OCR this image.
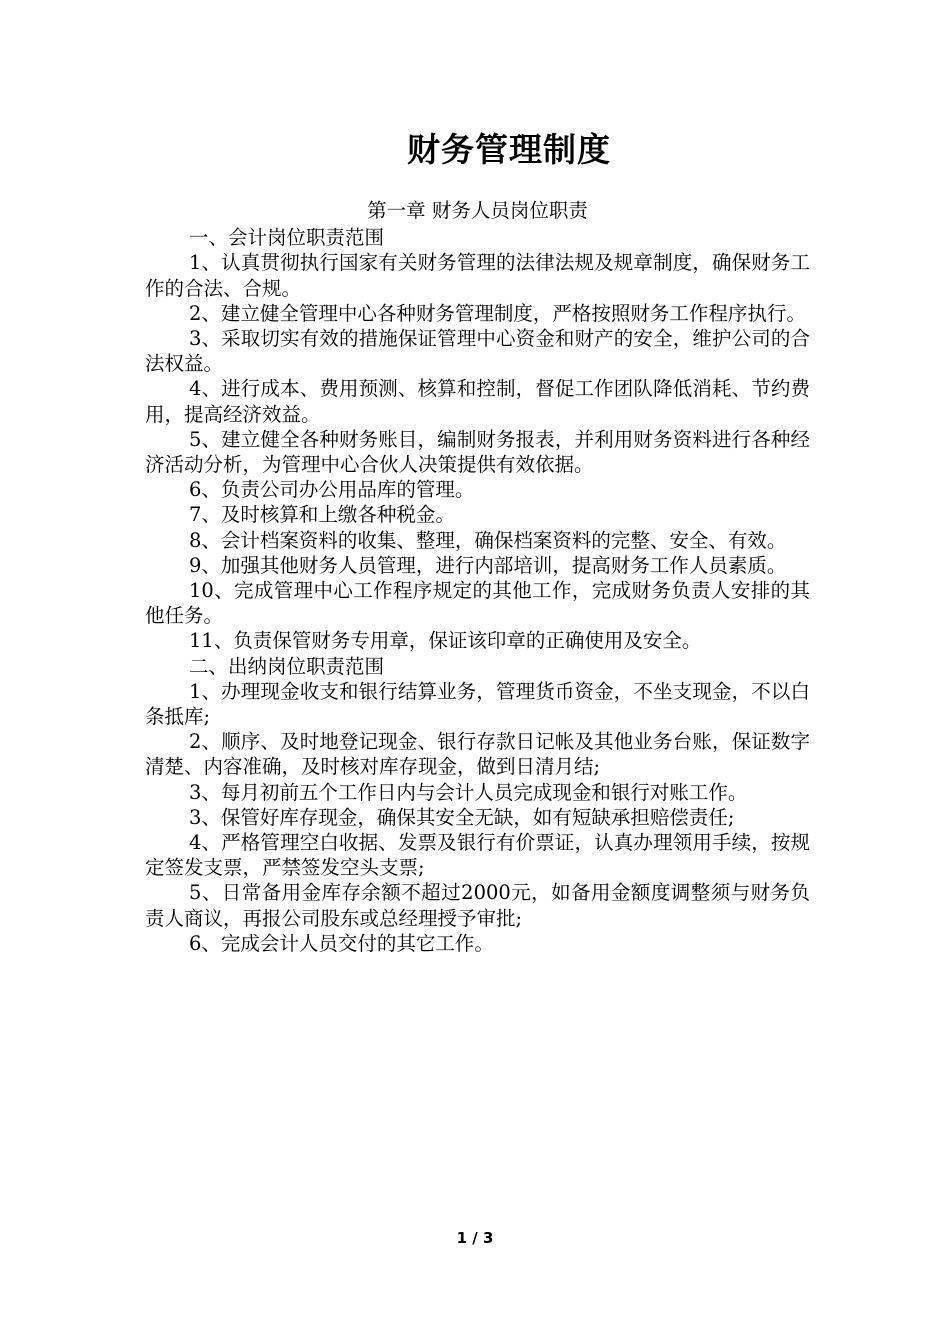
财务管理制度
第一章 财务人员岗位职责

一、会计岗位职责范围

1、认真贯彻执行国家有关财务管理的法律法规及规章制度，确保财务工作的合法、合规。

2、建立健全管理中心各种财务管理制度，严格按照财务工作程序执行。

3、采取切实有效的措施保证管理中心资金和财产的安全，维护公司的合法权益。

4、进行成本、费用预测、核算和控制，督促工作团队降低消耗、节约费用，提高经济效益。

5、建立健全各种财务账目，编制财务报表，并利用财务资料进行各种经济活动分析，为管理中心合伙人决策提供有效依据。

6、负责公司办公用品库的管理。

7、及时核算和上缴各种税金。

8、会计档案资料的收集、整理，确保档案资料的完整、安全、有效。

9、加强其他财务人员管理，进行内部培训，提高财务工作人员素质。

10、完成管理中心工作程序规定的其他工作，完成财务负责人安排的其他任务。

11、负责保管财务专用章，保证该印章的正确使用及安全。

二、出纳岗位职责范围

1、办理现金收支和银行结算业务，管理货币资金，不坐支现金，不以白条抵库;

2、顺序、及时地登记现金、银行存款日记帐及其他业务台账，保证数字清楚、内容准确，及时核对库存现金，做到日清月结;

3、每月初前五个工作日内与会计人员完成现金和银行对账工作。

3、保管好库存现金，确保其安全无缺，如有短缺承担赔偿责任;

4、严格管理空白收据、发票及银行有价票证，认真办理领用手续，按规定签发支票，严禁签发空头支票;

5、日常备用金库存余额不超过2000元，如备用金额度调整须与财务负责人商议，再报公司股东或总经理授予审批;

6、完成会计人员交付的其它工作。

1 / 3
